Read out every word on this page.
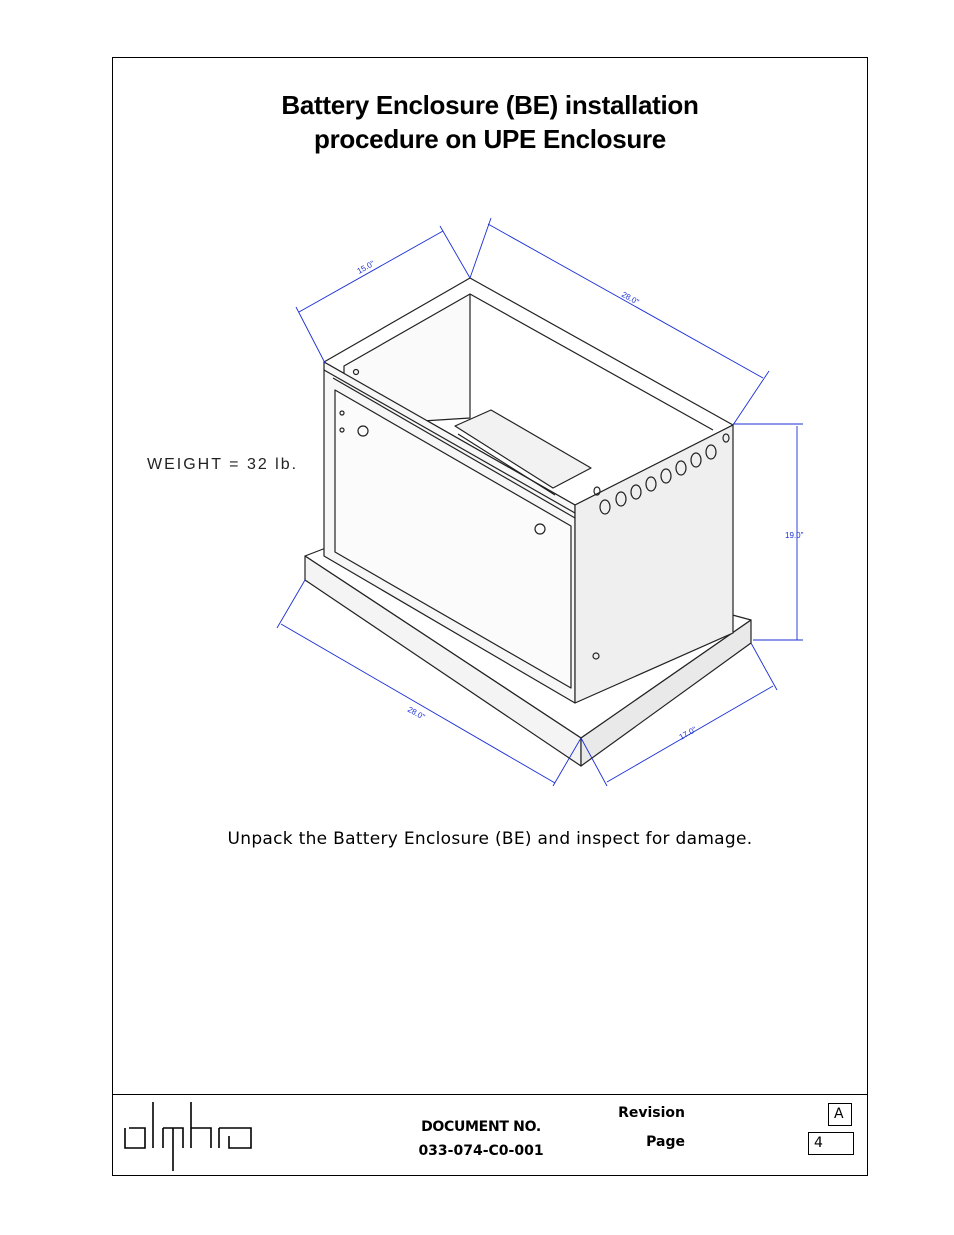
Battery Enclosure (BE) installation
procedure on UPE Enclosure
15.0"
28.0"
19.0"
28.0"
17.0"
WEIGHT = 32 lb.
Unpack the Battery Enclosure (BE) and inspect for damage.
DOCUMENT NO.
033-074-C0-001
Revision	A
Page	4
